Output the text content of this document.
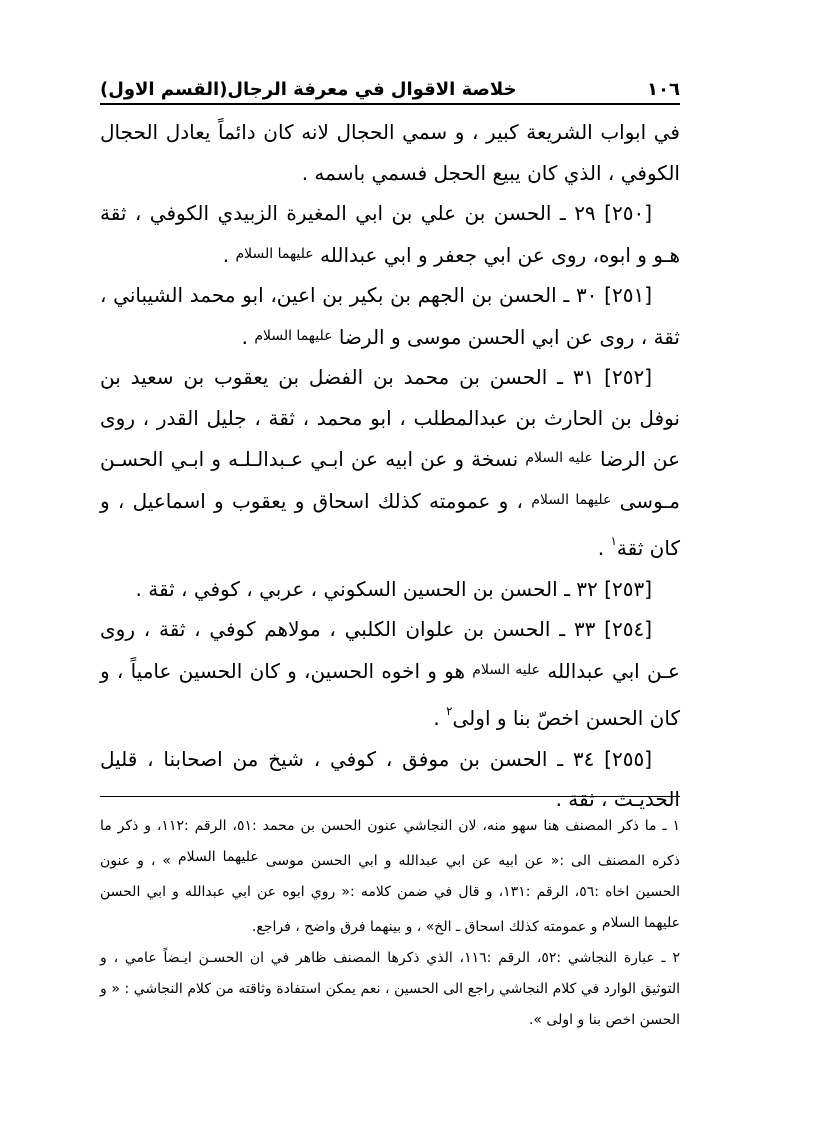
١٠٦
خلاصة الاقوال في معرفة الرجال(القسم الاول)

في ابواب الشريعة كبير ، و سمي الحجال لانه كان دائماً يعادل الحجال الكوفي ، الذي كان يبيع الحجل فسمي باسمه .

[٢٥٠] ٢٩ ـ الحسن بن علي بن ابي المغيرة الزبيدي الكوفي ، ثقة هـو و ابوه، روى عن ابي جعفر و ابي عبدالله $^{عليهما السلام}$ .

[٢٥١] ٣٠ ـ الحسن بن الجهم بن بكير بن اعين، ابو محمد الشيباني ، ثقة ، روى عن ابي الحسن موسى و الرضا $^{عليهما السلام}$ .

[٢٥٢] ٣١ ـ الحسن بن محمد بن الفضل بن يعقوب بن سعيد بن نوفل بن الحارث بن عبدالمطلب ، ابو محمد ، ثقة ، جليل القدر ، روى عن الرضا $^{عليه السلام}$ نسخة و عن ابيه عن ابـي عـبدالـلـه و ابـي الحسـن مـوسى $^{عليهما السلام}$ ، و عمومته كذلك اسحاق و يعقوب و اسماعيل ، و كان ثقة$^١$ .

[٢٥٣] ٣٢ ـ الحسن بن الحسين السكوني ، عربي ، كوفي ، ثقة .

[٢٥٤] ٣٣ ـ الحسن بن علوان الكلبي ، مولاهم كوفي ، ثقة ، روى عـن ابي عبدالله $^{عليه السلام}$ هو و اخوه الحسين، و كان الحسين عامياً ، و كان الحسن اخصّ بنا و اولى$^٢$ .

[٢٥٥] ٣٤ ـ الحسن بن موفق ، كوفي ، شيخ من اصحابنا ، قليل الحديـث ، ثقة .

١ ـ ما ذكر المصنف هنا سهو منه، لان النجاشي عنون الحسن بن محمد :٥١، الرقم :١١٢، و ذكر ما ذكره المصنف الى :« عن ابيه عن ابي عبدالله و ابي الحسن موسى عليهما السلام » ، و عنون الحسين اخاه :٥٦، الرقم :١٣١، و قال في ضمن كلامه :« روي ابوه عن ابي عبدالله و ابي الحسن عليهما السلام و عمومته كذلك اسحاق ـ الخ» ، و بينهما فرق واضح ، فراجع.

٢ ـ عبارة النجاشي :٥٢، الرقم :١١٦، الذي ذكرها المصنف ظاهر في ان الحسـن ايـضاً عامي ، و التوثيق الوارد في كلام النجاشي راجع الى الحسين ، نعم يمكن استفادة وثاقته من كلام النجاشي : « و الحسن اخص بنا و اولى ».
